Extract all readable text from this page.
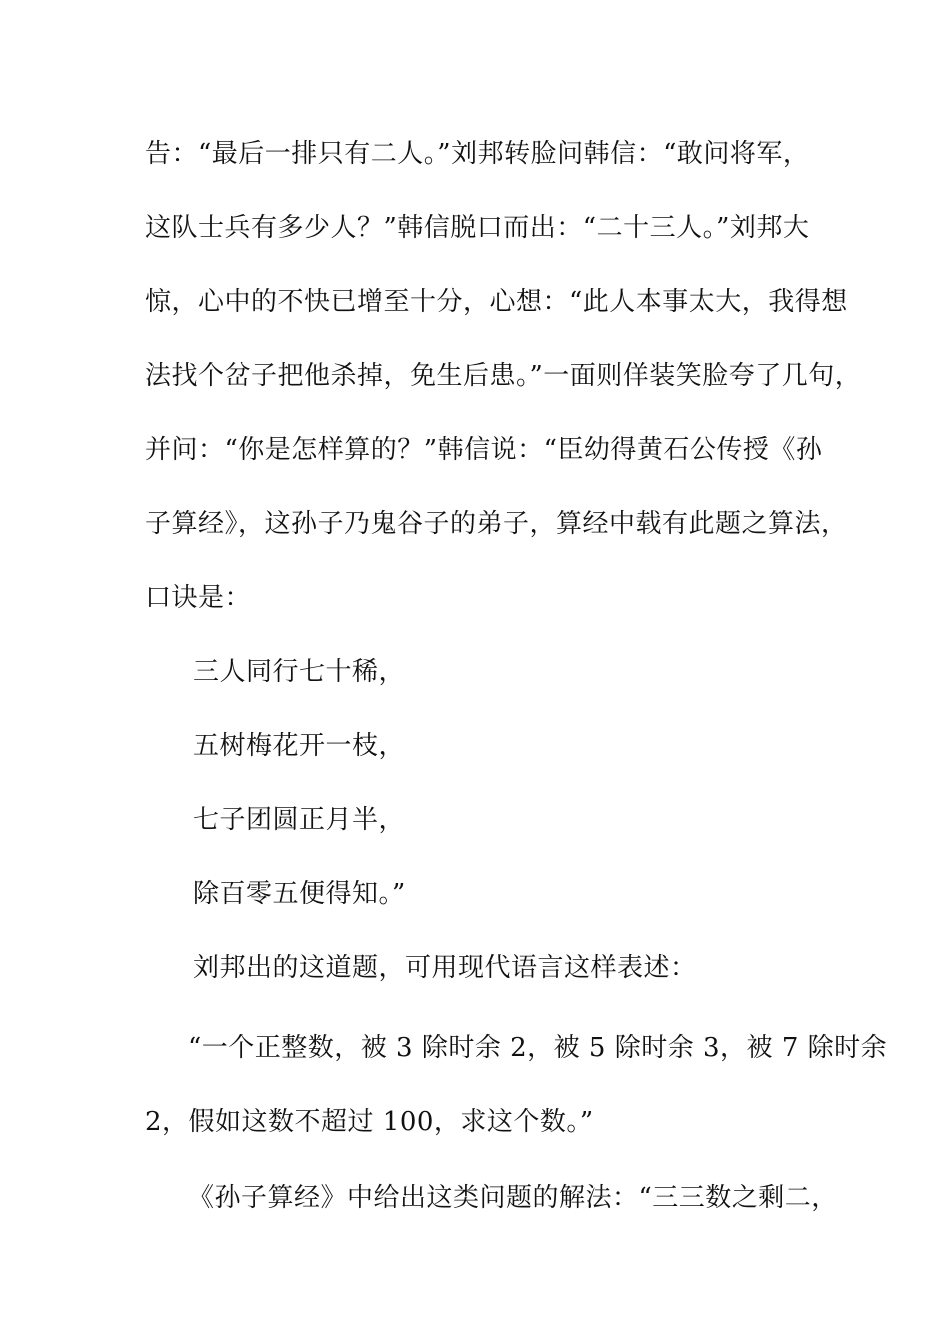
告：“最后一排只有二人。”刘邦转脸问韩信：“敢问将军，
这队士兵有多少人？”韩信脱口而出：“二十三人。”刘邦大
惊，心中的不快已增至十分，心想：“此人本事太大，我得想
法找个岔子把他杀掉，免生后患。”一面则佯装笑脸夸了几句，
并问：“你是怎样算的？”韩信说：“臣幼得黄石公传授《孙
子算经》，这孙子乃鬼谷子的弟子，算经中载有此题之算法，
口诀是：
三人同行七十稀，
五树梅花开一枝，
七子团圆正月半，
除百零五便得知。”
刘邦出的这道题，可用现代语言这样表述：
“一个正整数，被 3 除时余 2，被 5 除时余 3，被 7 除时余
2，假如这数不超过 100，求这个数。”
《孙子算经》中给出这类问题的解法：“三三数之剩二，
